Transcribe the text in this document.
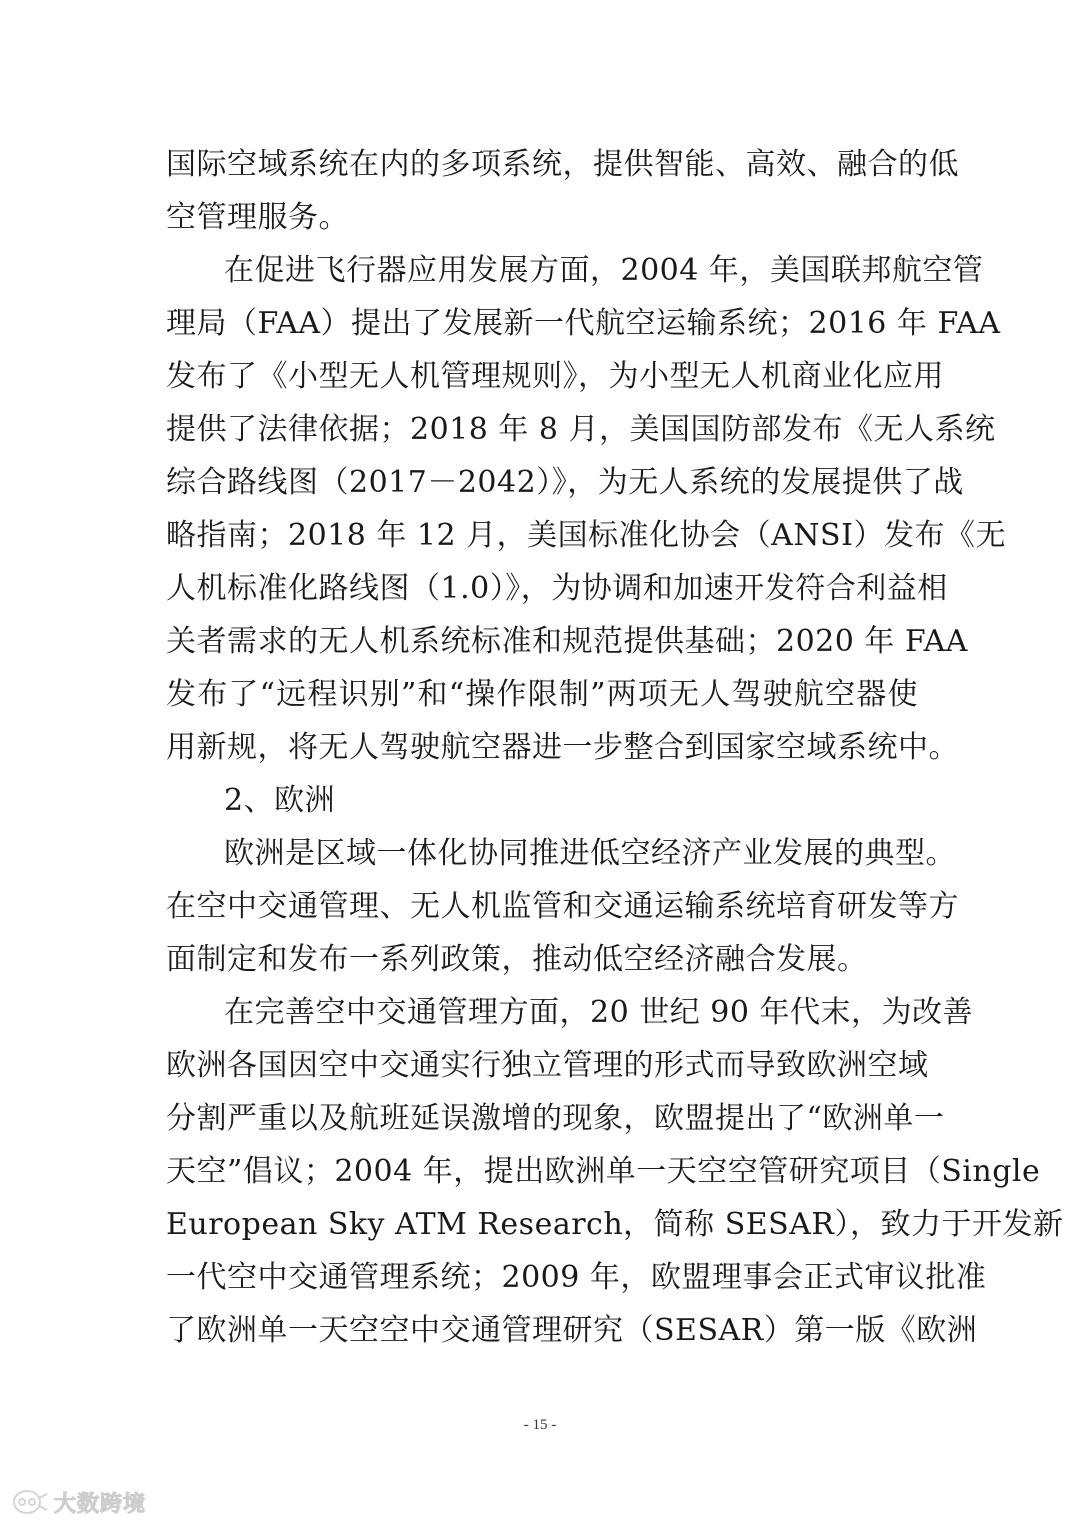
国际空域系统在内的多项系统，提供智能、高效、融合的低
空管理服务。
在促进飞行器应用发展方面，2004 年，美国联邦航空管
理局（FAA）提出了发展新一代航空运输系统；2016 年 FAA
发布了《小型无人机管理规则》，为小型无人机商业化应用
提供了法律依据；2018 年 8 月，美国国防部发布《无人系统
综合路线图（2017－2042）》，为无人系统的发展提供了战
略指南；2018 年 12 月，美国标准化协会（ANSI）发布《无
人机标准化路线图（1.0）》，为协调和加速开发符合利益相
关者需求的无人机系统标准和规范提供基础；2020 年 FAA
发布了“远程识别”和“操作限制”两项无人驾驶航空器使
用新规，将无人驾驶航空器进一步整合到国家空域系统中。
2、欧洲
欧洲是区域一体化协同推进低空经济产业发展的典型。
在空中交通管理、无人机监管和交通运输系统培育研发等方
面制定和发布一系列政策，推动低空经济融合发展。
在完善空中交通管理方面，20 世纪 90 年代末，为改善
欧洲各国因空中交通实行独立管理的形式而导致欧洲空域
分割严重以及航班延误激增的现象，欧盟提出了“欧洲单一
天空”倡议；2004 年，提出欧洲单一天空空管研究项目（Single
European Sky ATM Research，简称 SESAR），致力于开发新
一代空中交通管理系统；2009 年，欧盟理事会正式审议批准
了欧洲单一天空空中交通管理研究（SESAR）第一版《欧洲
- 15 -
大数跨境
